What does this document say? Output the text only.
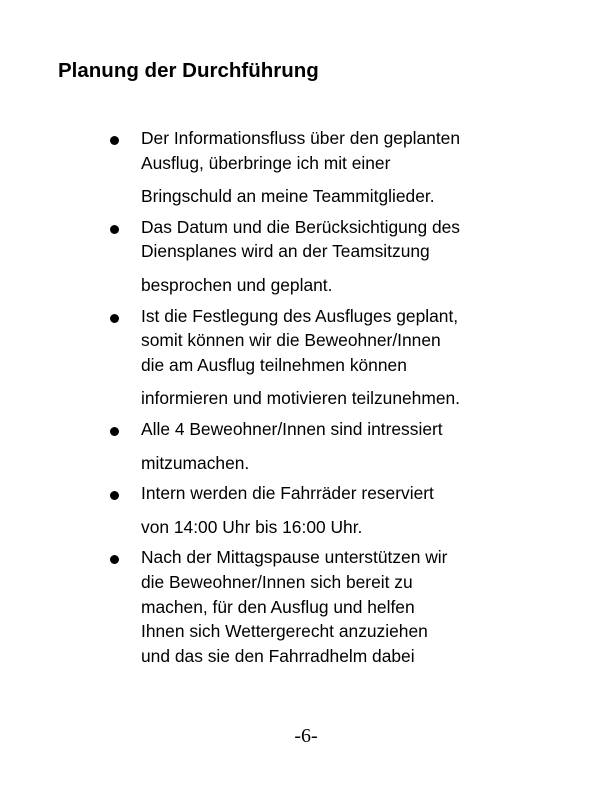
Planung der Durchführung
Der Informationsfluss über den geplanten
Ausflug, überbringe ich mit einer
Bringschuld an meine Teammitglieder.
Das Datum und die Berücksichtigung des
Diensplanes wird an der Teamsitzung
besprochen und geplant.
Ist die Festlegung des Ausfluges geplant,
somit können wir die Beweohner/Innen
die am Ausflug teilnehmen können
informieren und motivieren teilzunehmen.
Alle 4 Beweohner/Innen sind intressiert
mitzumachen.
Intern werden die Fahrräder reserviert
von 14:00 Uhr bis 16:00 Uhr.
Nach der Mittagspause unterstützen wir
die Beweohner/Innen sich bereit zu
machen, für den Ausflug und helfen
Ihnen sich Wettergerecht anzuziehen
und das sie den Fahrradhelm dabei

-6-
